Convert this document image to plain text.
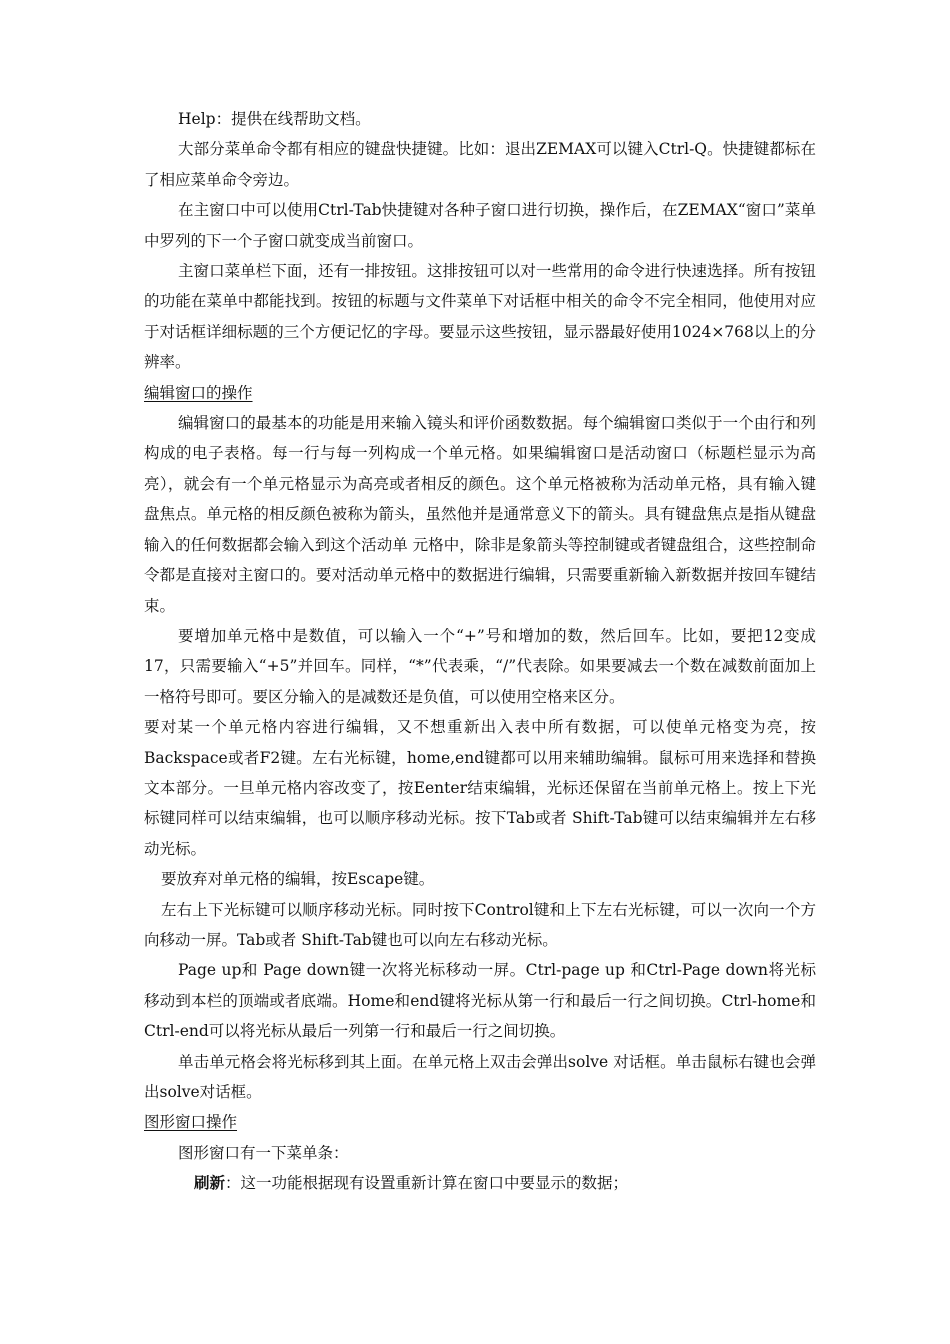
Help：提供在线帮助文档。

大部分菜单命令都有相应的键盘快捷键。比如：退出ZEMAX可以键入Ctrl-Q。快捷键都标在了相应菜单命令旁边。

在主窗口中可以使用Ctrl-Tab快捷键对各种子窗口进行切换，操作后，在ZEMAX“窗口”菜单中罗列的下一个子窗口就变成当前窗口。

主窗口菜单栏下面，还有一排按钮。这排按钮可以对一些常用的命令进行快速选择。所有按钮的功能在菜单中都能找到。按钮的标题与文件菜单下对话框中相关的命令不完全相同，他使用对应于对话框详细标题的三个方便记忆的字母。要显示这些按钮，显示器最好使用1024×768以上的分辨率。

编辑窗口的操作

编辑窗口的最基本的功能是用来输入镜头和评价函数数据。每个编辑窗口类似于一个由行和列构成的电子表格。每一行与每一列构成一个单元格。如果编辑窗口是活动窗口（标题栏显示为高亮），就会有一个单元格显示为高亮或者相反的颜色。这个单元格被称为活动单元格，具有输入键盘焦点。单元格的相反颜色被称为箭头，虽然他并是通常意义下的箭头。具有键盘焦点是指从键盘输入的任何数据都会输入到这个活动单 元格中，除非是象箭头等控制键或者键盘组合，这些控制命令都是直接对主窗口的。要对活动单元格中的数据进行编辑，只需要重新输入新数据并按回车键结束。

要增加单元格中是数值，可以输入一个“+”号和增加的数，然后回车。比如，要把12变成17，只需要输入“+5”并回车。同样，“*”代表乘，“/”代表除。如果要减去一个数在减数前面加上一格符号即可。要区分输入的是减数还是负值，可以使用空格来区分。

要对某一个单元格内容进行编辑，又不想重新出入表中所有数据，可以使单元格变为亮，按Backspace或者F2键。左右光标键，home,end键都可以用来辅助编辑。鼠标可用来选择和替换文本部分。一旦单元格内容改变了，按Eenter结束编辑，光标还保留在当前单元格上。按上下光标键同样可以结束编辑，也可以顺序移动光标。按下Tab或者 Shift-Tab键可以结束编辑并左右移动光标。

要放弃对单元格的编辑，按Escape键。

左右上下光标键可以顺序移动光标。同时按下Control键和上下左右光标键，可以一次向一个方向移动一屏。Tab或者 Shift-Tab键也可以向左右移动光标。

Page up和 Page down键一次将光标移动一屏。Ctrl-page up 和Ctrl-Page down将光标移动到本栏的顶端或者底端。Home和end键将光标从第一行和最后一行之间切换。Ctrl-home和Ctrl-end可以将光标从最后一列第一行和最后一行之间切换。

单击单元格会将光标移到其上面。在单元格上双击会弹出solve 对话框。单击鼠标右键也会弹出solve对话框。

图形窗口操作

图形窗口有一下菜单条：

刷新：这一功能根据现有设置重新计算在窗口中要显示的数据；
